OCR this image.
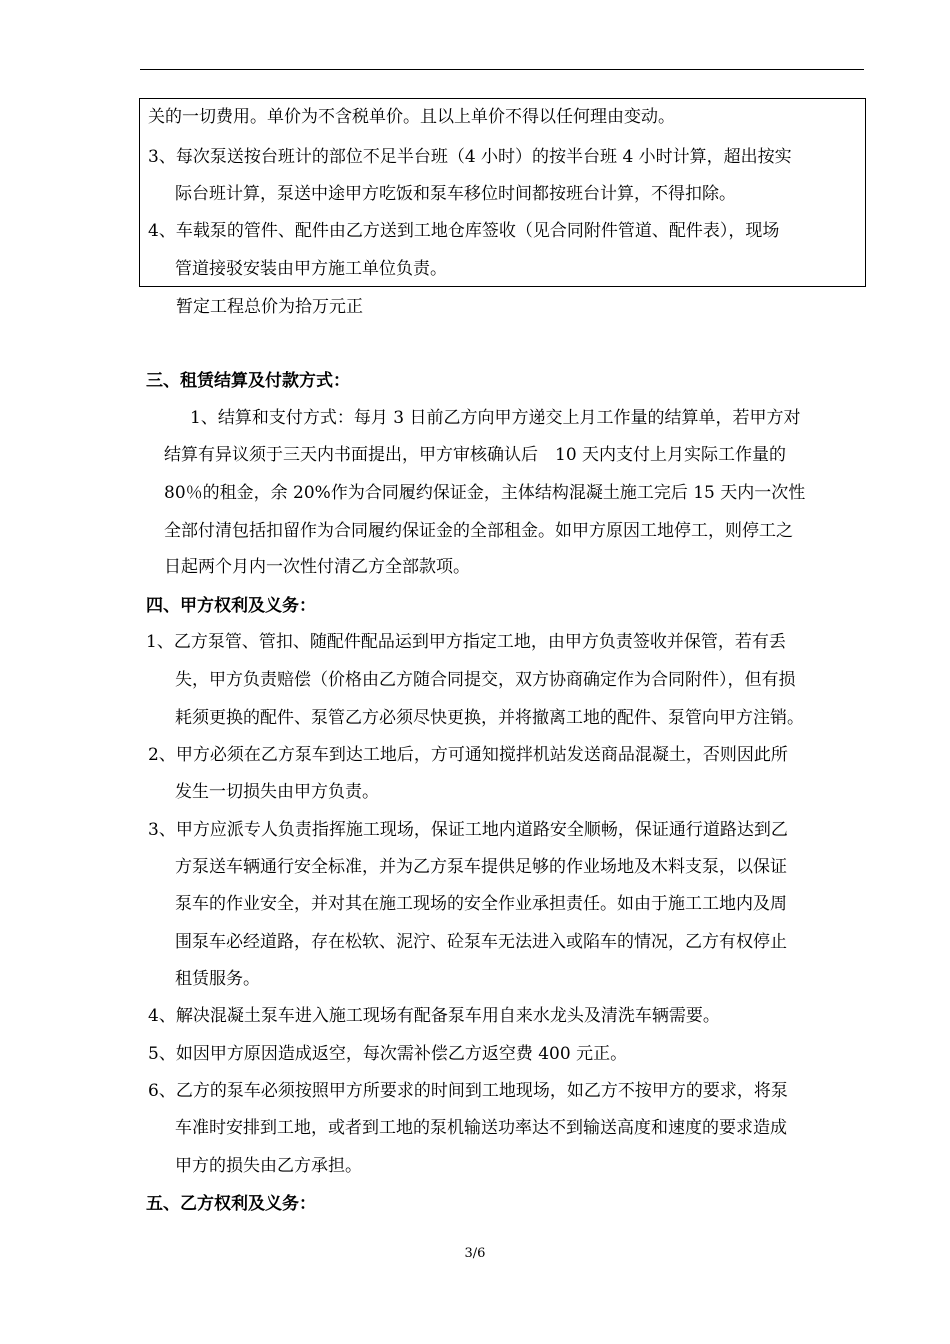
关的一切费用。单价为不含税单价。且以上单价不得以任何理由变动。
3、每次泵送按台班计的部位不足半台班（4 小时）的按半台班 4 小时计算，超出按实
际台班计算，泵送中途甲方吃饭和泵车移位时间都按班台计算，不得扣除。
4、车载泵的管件、配件由乙方送到工地仓库签收（见合同附件管道、配件表），现场
管道接驳安装由甲方施工单位负责。
暂定工程总价为拾万元正
三、租赁结算及付款方式：
1、结算和支付方式：每月 3 日前乙方向甲方递交上月工作量的结算单，若甲方对
结算有异议须于三天内书面提出，甲方审核确认后　10 天内支付上月实际工作量的
80％的租金，余 20%作为合同履约保证金，主体结构混凝土施工完后 15 天内一次性
全部付清包括扣留作为合同履约保证金的全部租金。如甲方原因工地停工，则停工之
日起两个月内一次性付清乙方全部款项。
四、甲方权利及义务：
1、乙方泵管、管扣、随配件配品运到甲方指定工地，由甲方负责签收并保管，若有丢
失，甲方负责赔偿（价格由乙方随合同提交，双方协商确定作为合同附件），但有损
耗须更换的配件、泵管乙方必须尽快更换，并将撤离工地的配件、泵管向甲方注销。
2、甲方必须在乙方泵车到达工地后，方可通知搅拌机站发送商品混凝土，否则因此所
发生一切损失由甲方负责。
3、甲方应派专人负责指挥施工现场，保证工地内道路安全顺畅，保证通行道路达到乙
方泵送车辆通行安全标准，并为乙方泵车提供足够的作业场地及木料支泵，以保证
泵车的作业安全，并对其在施工现场的安全作业承担责任。如由于施工工地内及周
围泵车必经道路，存在松软、泥泞、砼泵车无法进入或陷车的情况，乙方有权停止
租赁服务。
4、解决混凝土泵车进入施工现场有配备泵车用自来水龙头及清洗车辆需要。
5、如因甲方原因造成返空，每次需补偿乙方返空费 400 元正。
6、乙方的泵车必须按照甲方所要求的时间到工地现场，如乙方不按甲方的要求，将泵
车准时安排到工地，或者到工地的泵机输送功率达不到输送高度和速度的要求造成
甲方的损失由乙方承担。
五、乙方权利及义务：
3/6
